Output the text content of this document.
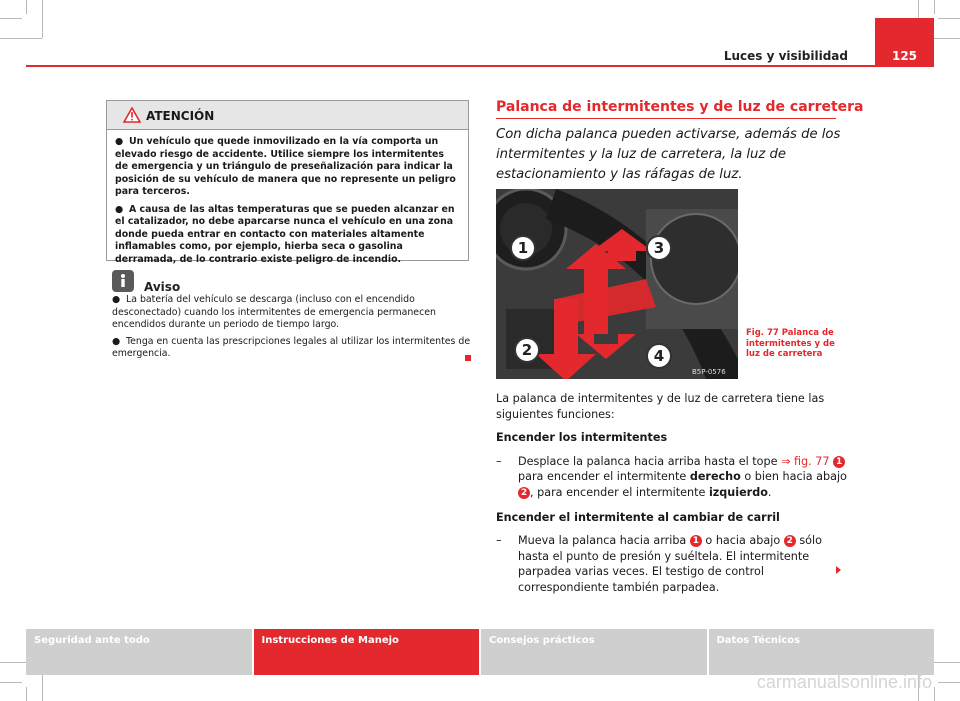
Luces y visibilidad	125
ATENCIÓN

● Un vehículo que quede inmovilizado en la vía comporta un elevado riesgo de accidente. Utilice siempre los intermitentes de emergencia y un triángulo de preseñalización para indicar la posición de su vehículo de manera que no represente un peligro para terceros.

● A causa de las altas temperaturas que se pueden alcanzar en el catalizador, no debe aparcarse nunca el vehículo en una zona donde pueda entrar en contacto con materiales altamente inflamables como, por ejemplo, hierba seca o gasolina derramada, de lo contrario existe peligro de incendio.

Aviso

● La batería del vehículo se descarga (incluso con el encendido desconectado) cuando los intermitentes de emergencia permanecen encendidos durante un periodo de tiempo largo.

● Tenga en cuenta las prescripciones legales al utilizar los intermitentes de emergencia.

Palanca de intermitentes y de luz de carretera
Con dicha palanca pueden activarse, además de los intermitentes y la luz de carretera, la luz de estacionamiento y las ráfagas de luz.
1
2
3
4
B5P-0576
Fig. 77 Palanca de intermitentes y de luz de carretera

La palanca de intermitentes y de luz de carretera tiene las siguientes funciones:

Encender los intermitentes

– Desplace la palanca hacia arriba hasta el tope ⇒ fig. 77 1 para encender el intermitente derecho o bien hacia abajo 2 , para encender el intermitente izquierdo.

Encender el intermitente al cambiar de carril

– Mueva la palanca hacia arriba 1 o hacia abajo 2 sólo hasta el punto de presión y suéltela. El intermitente parpadea varias veces. El testigo de control correspondiente también parpadea.
Seguridad ante todo	Instrucciones de Manejo	Consejos prácticos	Datos Técnicos
carmanualsonline.info
